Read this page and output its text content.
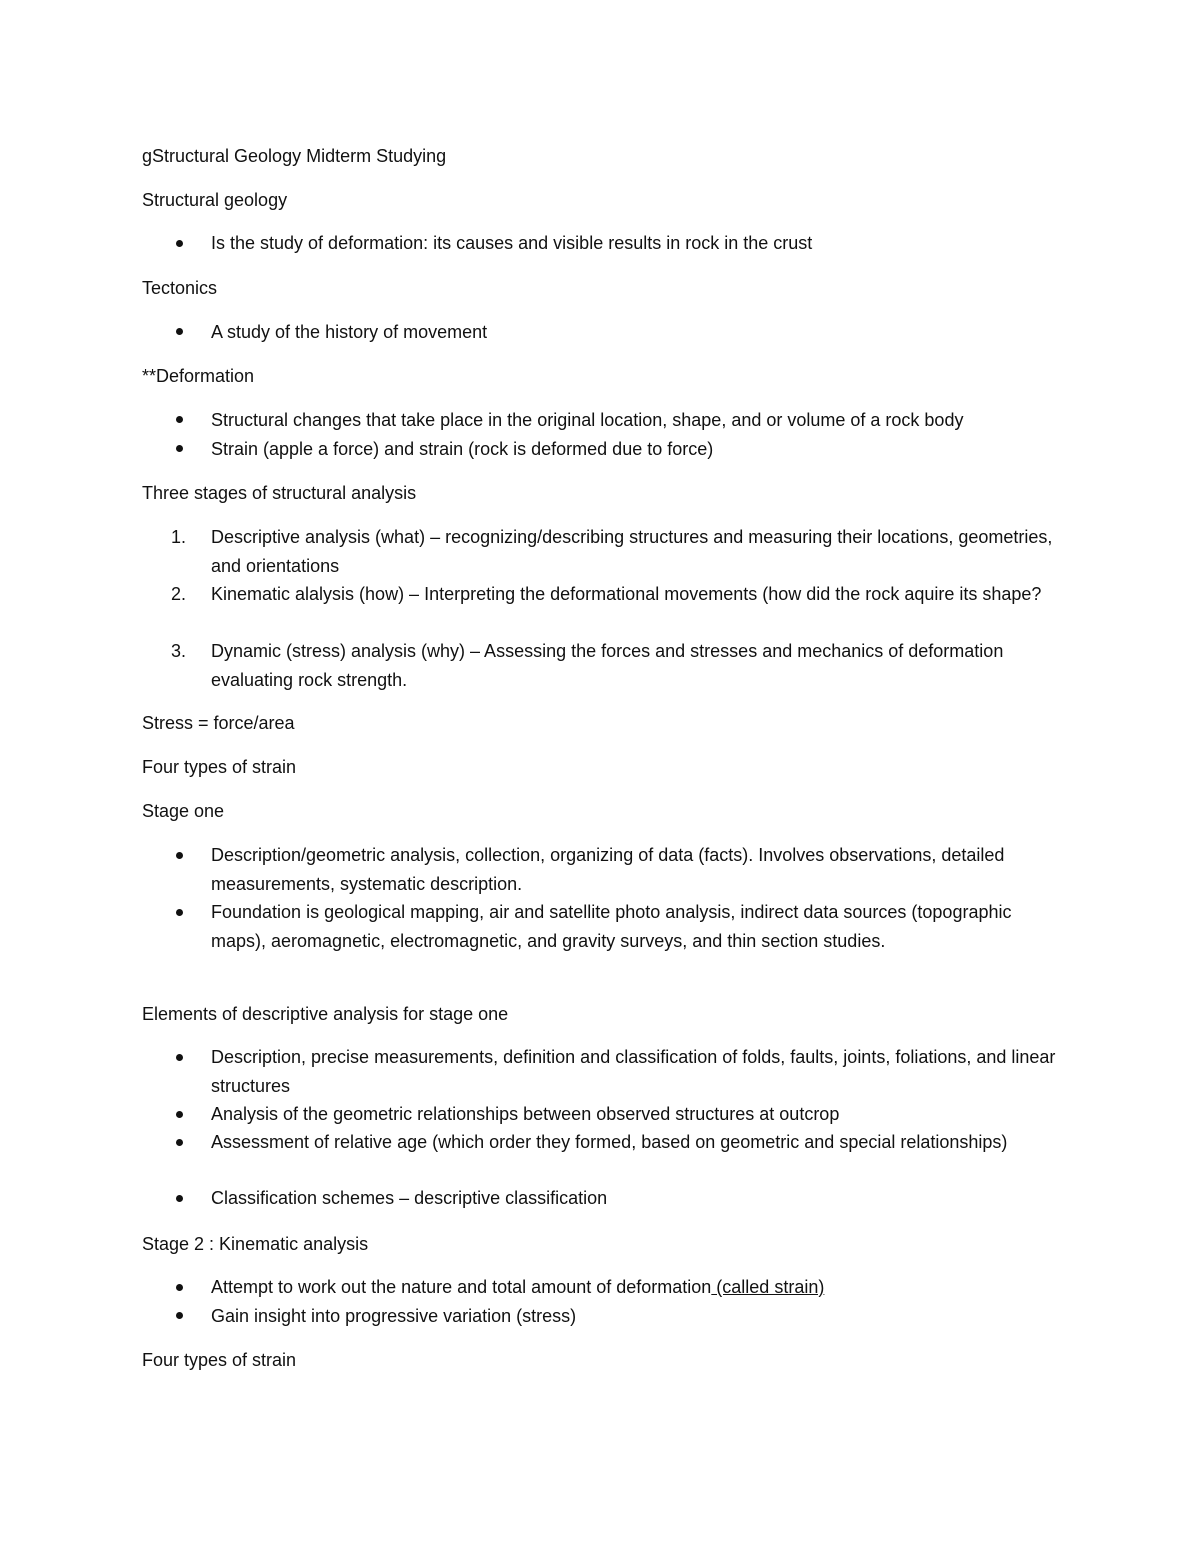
gStructural Geology Midterm Studying
Structural geology
Is the study of deformation: its causes and visible results in rock in the crust
Tectonics
A study of the history of movement
**Deformation
Structural changes that take place in the original location, shape, and or volume of a rock body
Strain (apple a force) and strain (rock is deformed due to force)
Three stages of structural analysis
1. Descriptive analysis (what) – recognizing/describing structures and measuring their locations, geometries, and orientations
2. Kinematic alalysis (how) – Interpreting the deformational movements (how did the rock aquire its shape?
3. Dynamic (stress) analysis (why) – Assessing the forces and stresses and mechanics of deformation evaluating rock strength.
Stress = force/area
Four types of strain
Stage one
Description/geometric analysis, collection, organizing of data (facts). Involves observations, detailed measurements, systematic description.
Foundation is geological mapping, air and satellite photo analysis, indirect data sources (topographic maps), aeromagnetic, electromagnetic, and gravity surveys, and thin section studies.
Elements of descriptive analysis for stage one
Description, precise measurements, definition and classification of folds, faults, joints, foliations, and linear structures
Analysis of the geometric relationships between observed structures at outcrop
Assessment of relative age (which order they formed, based on geometric and special relationships)
Classification schemes – descriptive classification
Stage 2 : Kinematic analysis
Attempt to work out the nature and total amount of deformation (called strain)
Gain insight into progressive variation (stress)
Four types of strain
